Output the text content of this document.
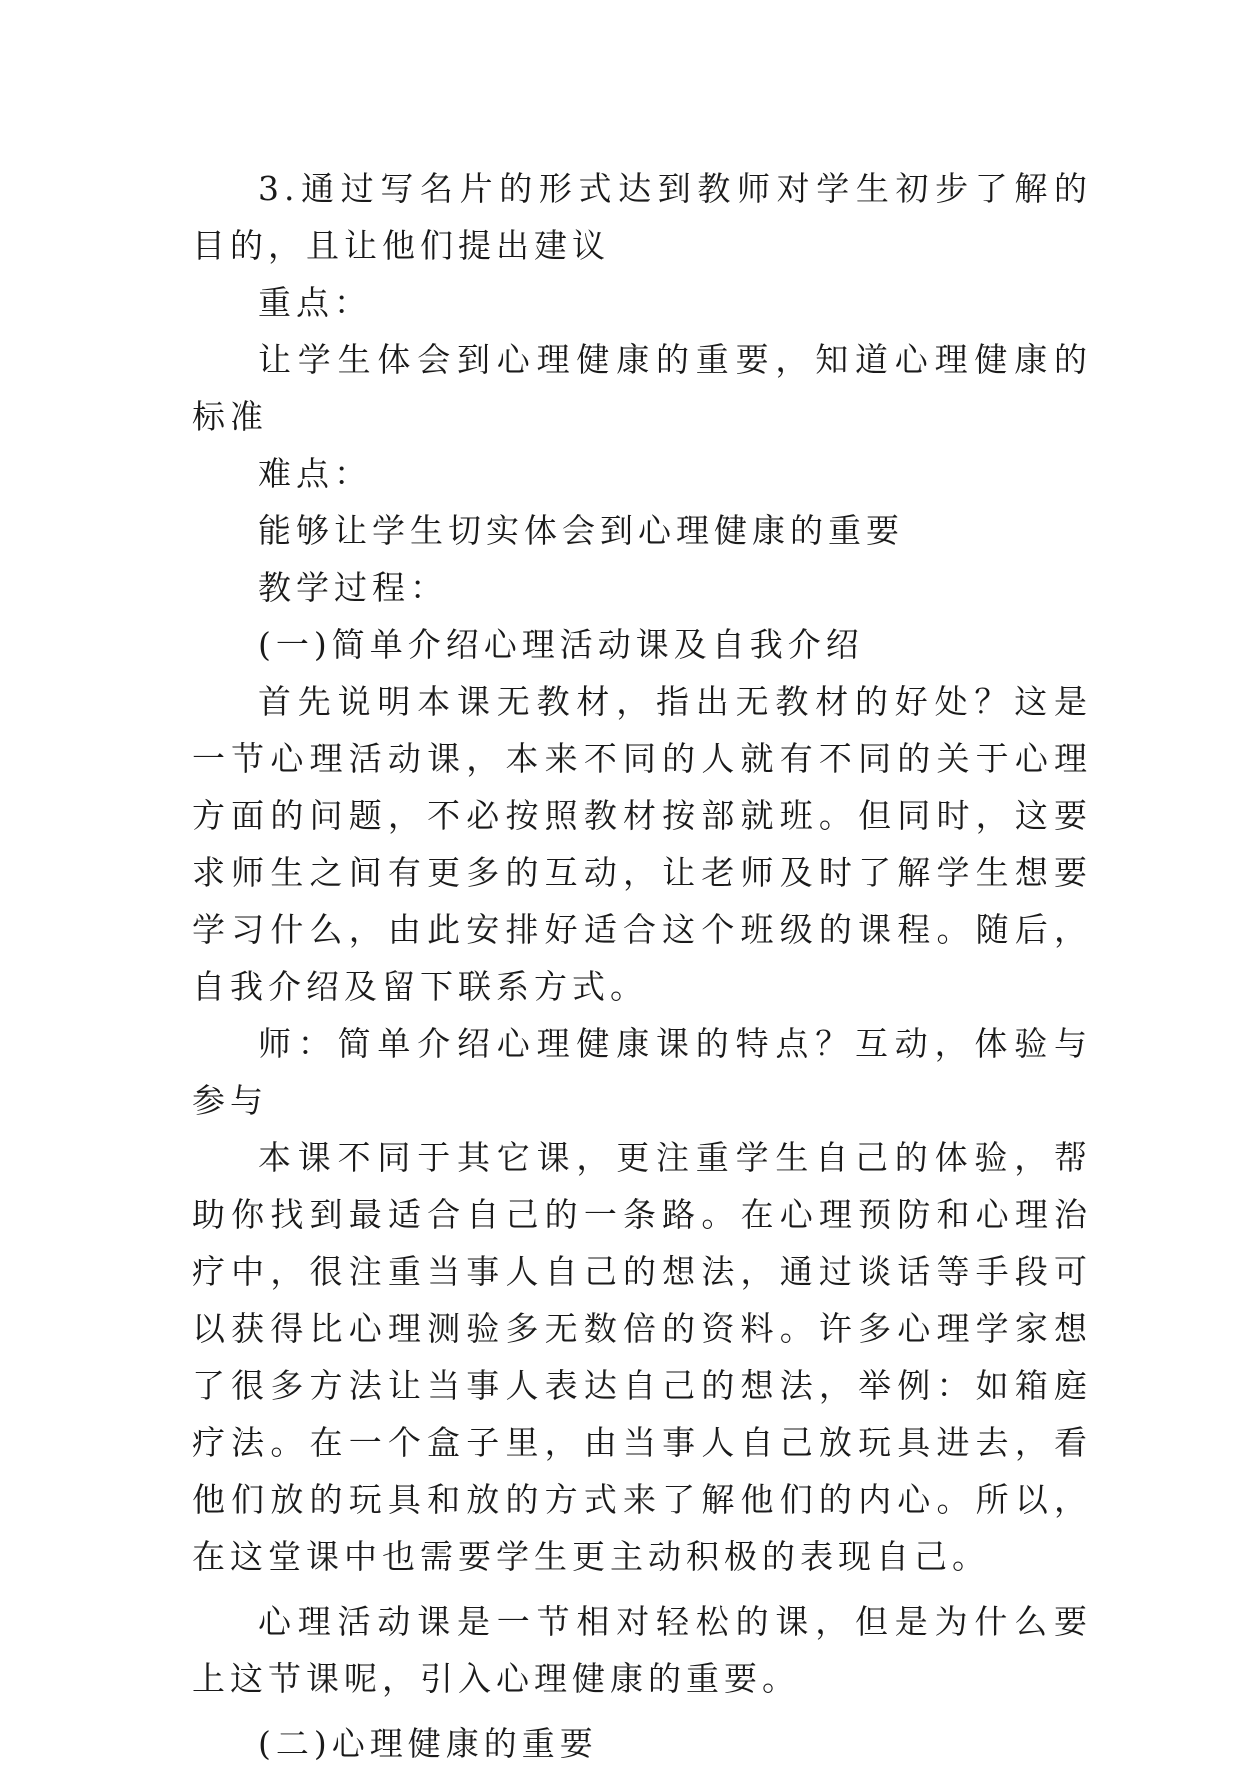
3.通过写名片的形式达到教师对学生初步了解的目的，且让他们提出建议

重点：

让学生体会到心理健康的重要，知道心理健康的标准

难点：

能够让学生切实体会到心理健康的重要

教学过程：

(一)简单介绍心理活动课及自我介绍

首先说明本课无教材，指出无教材的好处？这是一节心理活动课，本来不同的人就有不同的关于心理方面的问题，不必按照教材按部就班。但同时，这要求师生之间有更多的互动，让老师及时了解学生想要学习什么，由此安排好适合这个班级的课程。随后，自我介绍及留下联系方式。

师：简单介绍心理健康课的特点？互动，体验与参与

本课不同于其它课，更注重学生自己的体验，帮助你找到最适合自己的一条路。在心理预防和心理治疗中，很注重当事人自己的想法，通过谈话等手段可以获得比心理测验多无数倍的资料。许多心理学家想了很多方法让当事人表达自己的想法，举例：如箱庭疗法。在一个盒子里，由当事人自己放玩具进去，看他们放的玩具和放的方式来了解他们的内心。所以，在这堂课中也需要学生更主动积极的表现自己。

心理活动课是一节相对轻松的课，但是为什么要上这节课呢，引入心理健康的重要。

(二)心理健康的重要
